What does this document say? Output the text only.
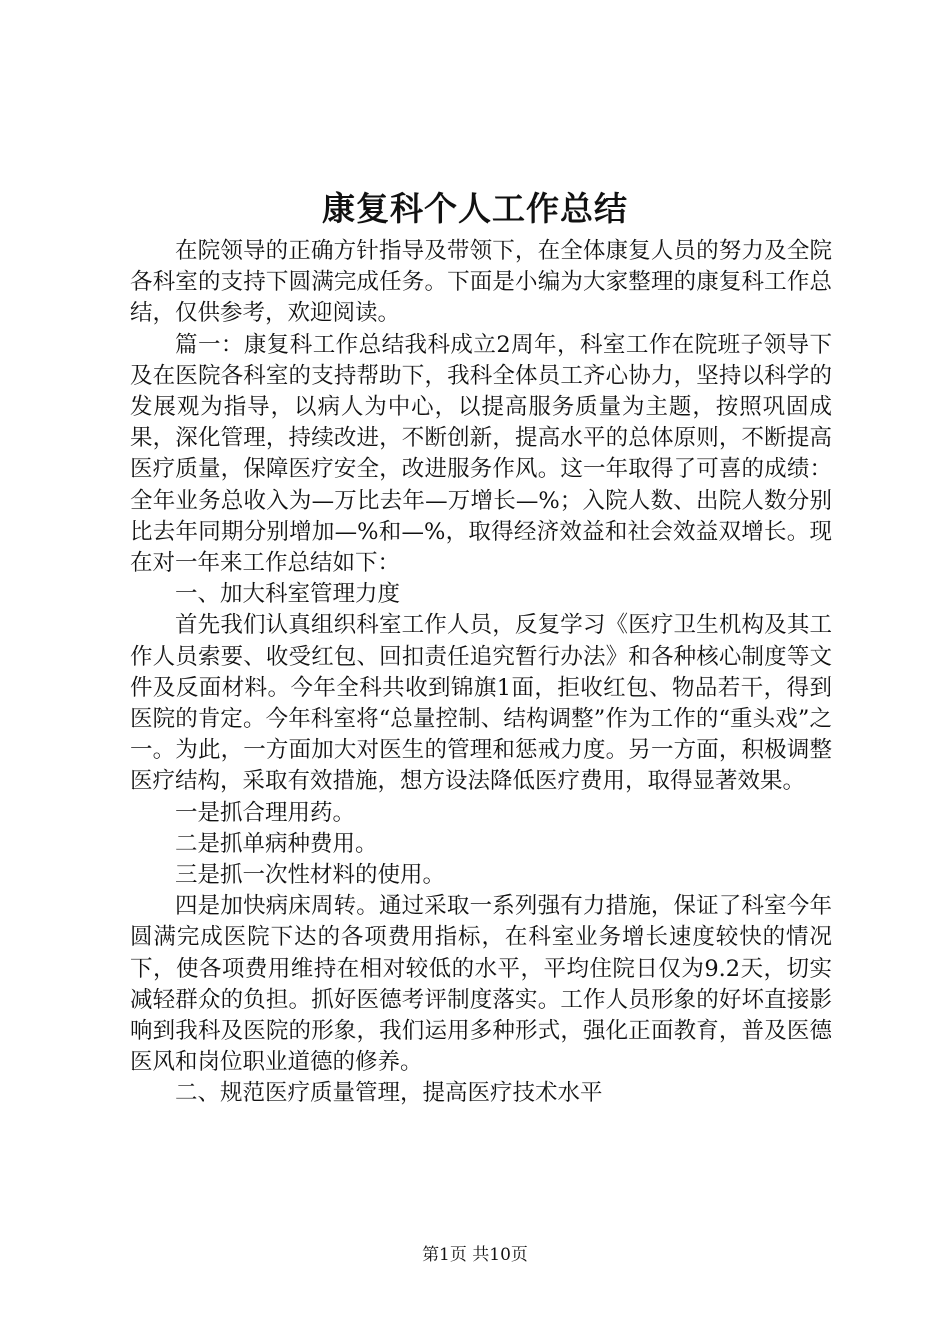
康复科个人工作总结

在院领导的正确方针指导及带领下，在全体康复人员的努力及全院各科室的支持下圆满完成任务。下面是小编为大家整理的康复科工作总结，仅供参考，欢迎阅读。

篇一：康复科工作总结我科成立2周年，科室工作在院班子领导下及在医院各科室的支持帮助下，我科全体员工齐心协力，坚持以科学的发展观为指导，以病人为中心，以提高服务质量为主题，按照巩固成果，深化管理，持续改进，不断创新，提高水平的总体原则，不断提高医疗质量，保障医疗安全，改进服务作风。这一年取得了可喜的成绩：全年业务总收入为—万比去年—万增长—%；入院人数、出院人数分别比去年同期分别增加—%和—%，取得经济效益和社会效益双增长。现在对一年来工作总结如下：

一、加大科室管理力度

首先我们认真组织科室工作人员，反复学习《医疗卫生机构及其工作人员索要、收受红包、回扣责任追究暂行办法》和各种核心制度等文件及反面材料。今年全科共收到锦旗1面，拒收红包、物品若干，得到医院的肯定。今年科室将“总量控制、结构调整”作为工作的“重头戏”之一。为此，一方面加大对医生的管理和惩戒力度。另一方面，积极调整医疗结构，采取有效措施，想方设法降低医疗费用，取得显著效果。

一是抓合理用药。

二是抓单病种费用。

三是抓一次性材料的使用。

四是加快病床周转。通过采取一系列强有力措施，保证了科室今年圆满完成医院下达的各项费用指标，在科室业务增长速度较快的情况下，使各项费用维持在相对较低的水平，平均住院日仅为9.2天，切实减轻群众的负担。抓好医德考评制度落实。工作人员形象的好坏直接影响到我科及医院的形象，我们运用多种形式，强化正面教育，普及医德医风和岗位职业道德的修养。

二、规范医疗质量管理，提高医疗技术水平

第1页 共10页
